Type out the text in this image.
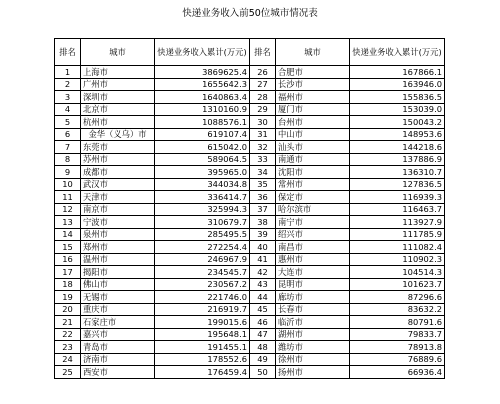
快递业务收入前50位城市情况表
排名	城市	快递业务收入累计(万元)	排名	城市	快递业务收入累计(万元)
1	上海市	3869625.4	26	合肥市	167866.1
2	广州市	1655642.3	27	长沙市	163946.0
3	深圳市	1640863.4	28	福州市	155836.5
4	北京市	1310160.9	29	厦门市	153039.0
5	杭州市	1088576.1	30	台州市	150043.2
6	金华（义乌）市	619107.4	31	中山市	148953.6
7	东莞市	615042.0	32	汕头市	144218.6
8	苏州市	589064.5	33	南通市	137886.9
9	成都市	395965.0	34	沈阳市	136310.7
10	武汉市	344034.8	35	常州市	127836.5
11	天津市	336414.7	36	保定市	116939.3
12	南京市	325994.3	37	哈尔滨市	116463.7
13	宁波市	310679.7	38	南宁市	113927.9
14	泉州市	285495.5	39	绍兴市	111785.9
15	郑州市	272254.4	40	南昌市	111082.4
16	温州市	246967.9	41	惠州市	110902.3
17	揭阳市	234545.7	42	大连市	104514.3
18	佛山市	230567.2	43	昆明市	101623.7
19	无锡市	221746.0	44	廊坊市	87296.6
20	重庆市	216919.7	45	长春市	83632.2
21	石家庄市	199015.6	46	临沂市	80791.6
22	嘉兴市	195648.1	47	湖州市	79833.7
23	青岛市	191455.1	48	潍坊市	78913.8
24	济南市	178552.6	49	徐州市	76889.6
25	西安市	176459.4	50	扬州市	66936.4
